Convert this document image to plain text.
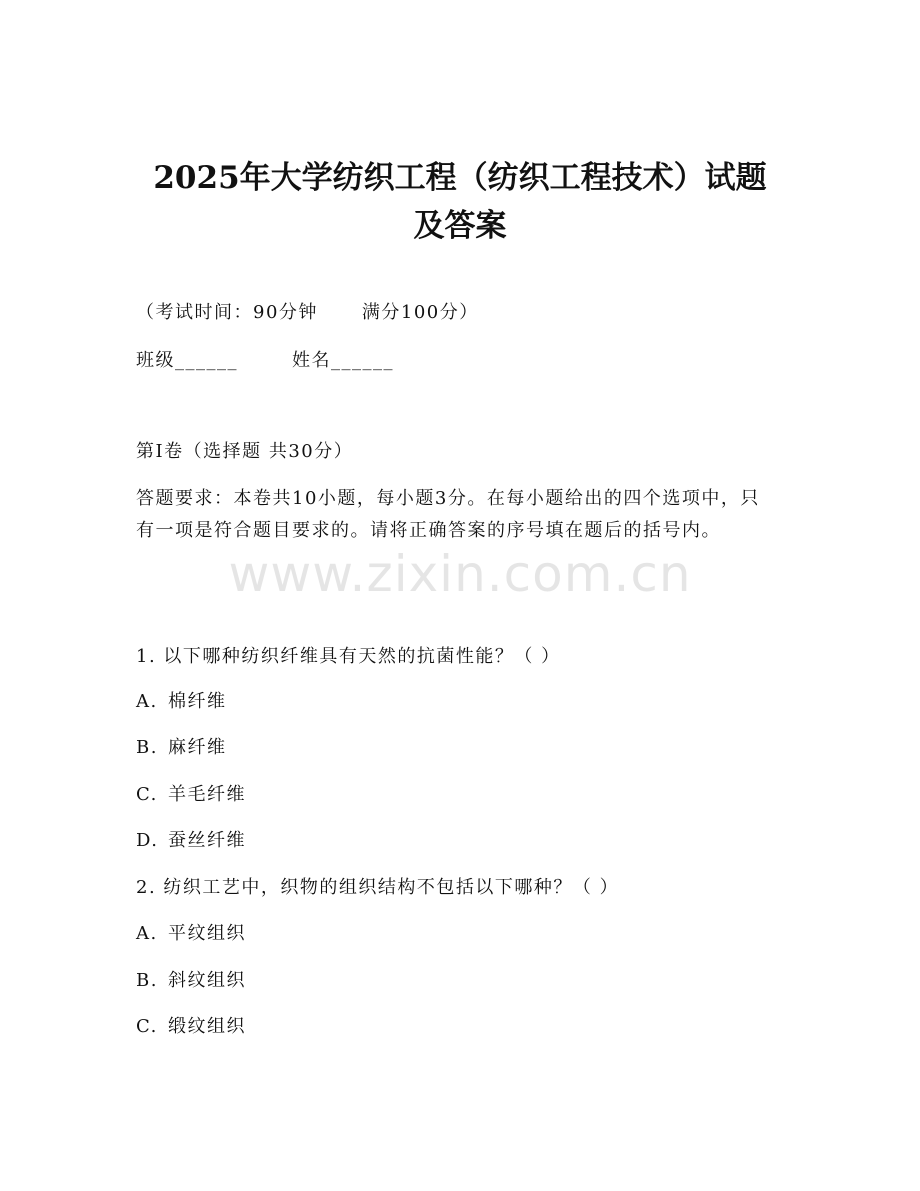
2025年大学纺织工程（纺织工程技术）试题
及答案
（考试时间：90分钟 满分100分）
班级______	姓名______
第I卷（选择题 共30分）
答题要求：本卷共10小题，每小题3分。在每小题给出的四个选项中，只有一项是符合题目要求的。请将正确答案的序号填在题后的括号内。
www.zixin.com.cn
1. 以下哪种纺织纤维具有天然的抗菌性能？（ ）
A. 棉纤维
B. 麻纤维
C. 羊毛纤维
D. 蚕丝纤维
2. 纺织工艺中，织物的组织结构不包括以下哪种？（ ）
A. 平纹组织
B. 斜纹组织
C. 缎纹组织
